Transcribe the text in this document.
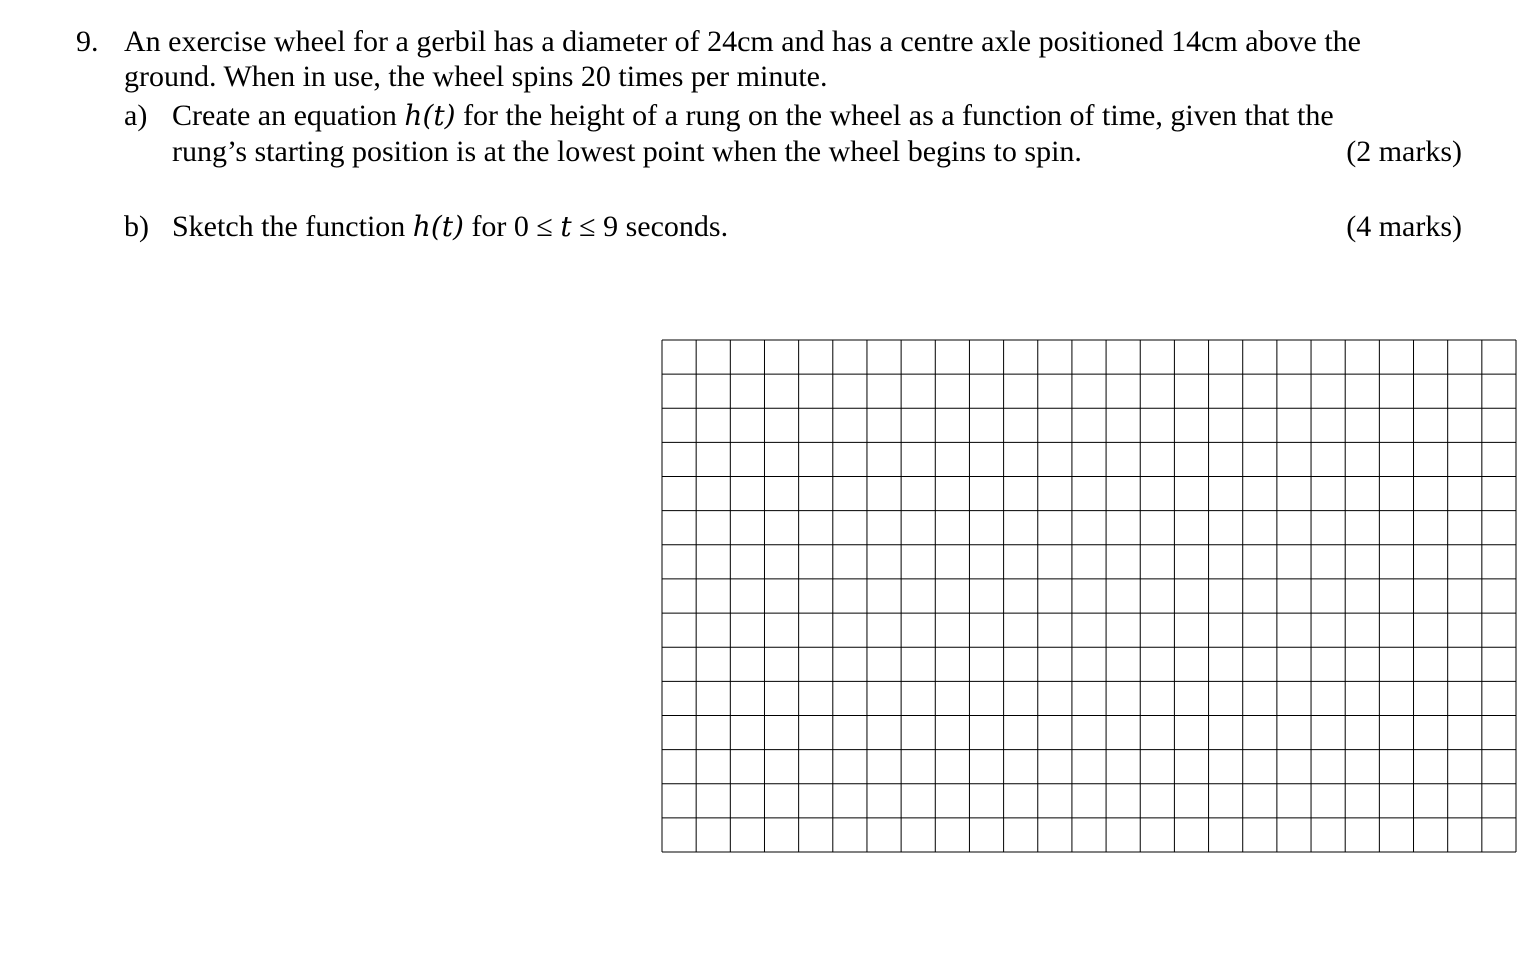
9. An exercise wheel for a gerbil has a diameter of 24cm and has a centre axle positioned 14cm above the
ground. When in use, the wheel spins 20 times per minute.
a) Create an equation h(t) for the height of a rung on the wheel as a function of time, given that the
rung’s starting position is at the lowest point when the wheel begins to spin.	(2 marks)
b) Sketch the function h(t) for 0 ≤ t ≤ 9 seconds.	(4 marks)
